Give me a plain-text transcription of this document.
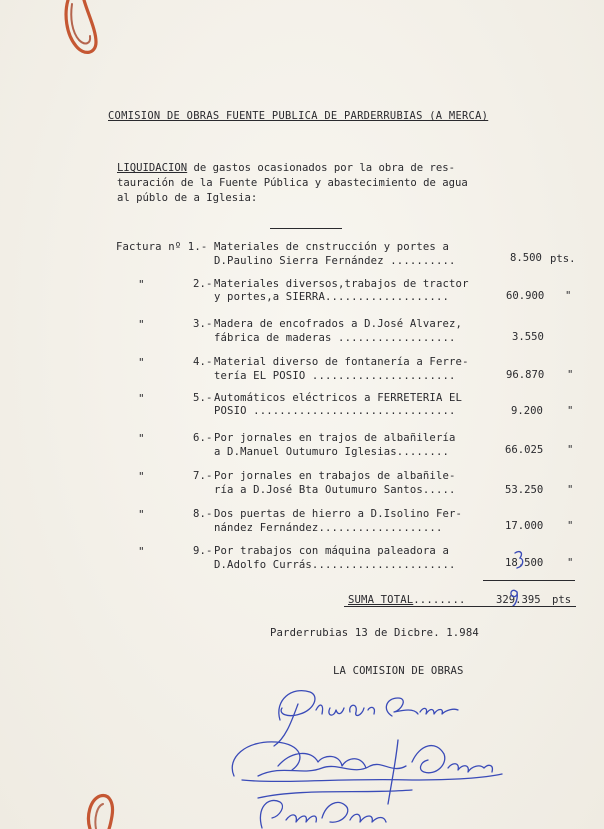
COMISION DE OBRAS FUENTE PUBLICA DE PARDERRUBIAS (A MERCA)
LIQUIDACION de gastos ocasionados por la obra de res-
tauración de la Fuente Pública y abastecimiento de agua
al públo de a Iglesia:
Factura nº 1.- Materiales de cnstrucción y portes a
D.Paulino Sierra Fernández ..........	8.500 pts.
"	2.- Materiales diversos,trabajos de tractor
y portes,a SIERRA...................	60.900 "
"	3.- Madera de encofrados a D.José Alvarez,
fábrica de maderas ..................	3.550
"	4.- Material diverso de fontanería a Ferre-
tería EL POSIO ......................	96.870 "
"	5.- Automáticos eléctricos a FERRETERIA EL
POSIO ...............................	9.200 "
"	6.- Por jornales en trajos de albañilería
a D.Manuel Outumuro Iglesias........	66.025 "
"	7.- Por jornales en trabajos de albañile-
ría a D.José Bta Outumuro Santos.....	53.250 "
"	8.- Dos puertas de hierro a D.Isolino Fer-
nández Fernández...................	17.000 "
"	9.- Por trabajos con máquina paleadora a
D.Adolfo Currás......................	18.500 "
SUMA TOTAL........	329.395 pts
Parderrubias 13 de Dicbre. 1.984
LA COMISION DE OBRAS
